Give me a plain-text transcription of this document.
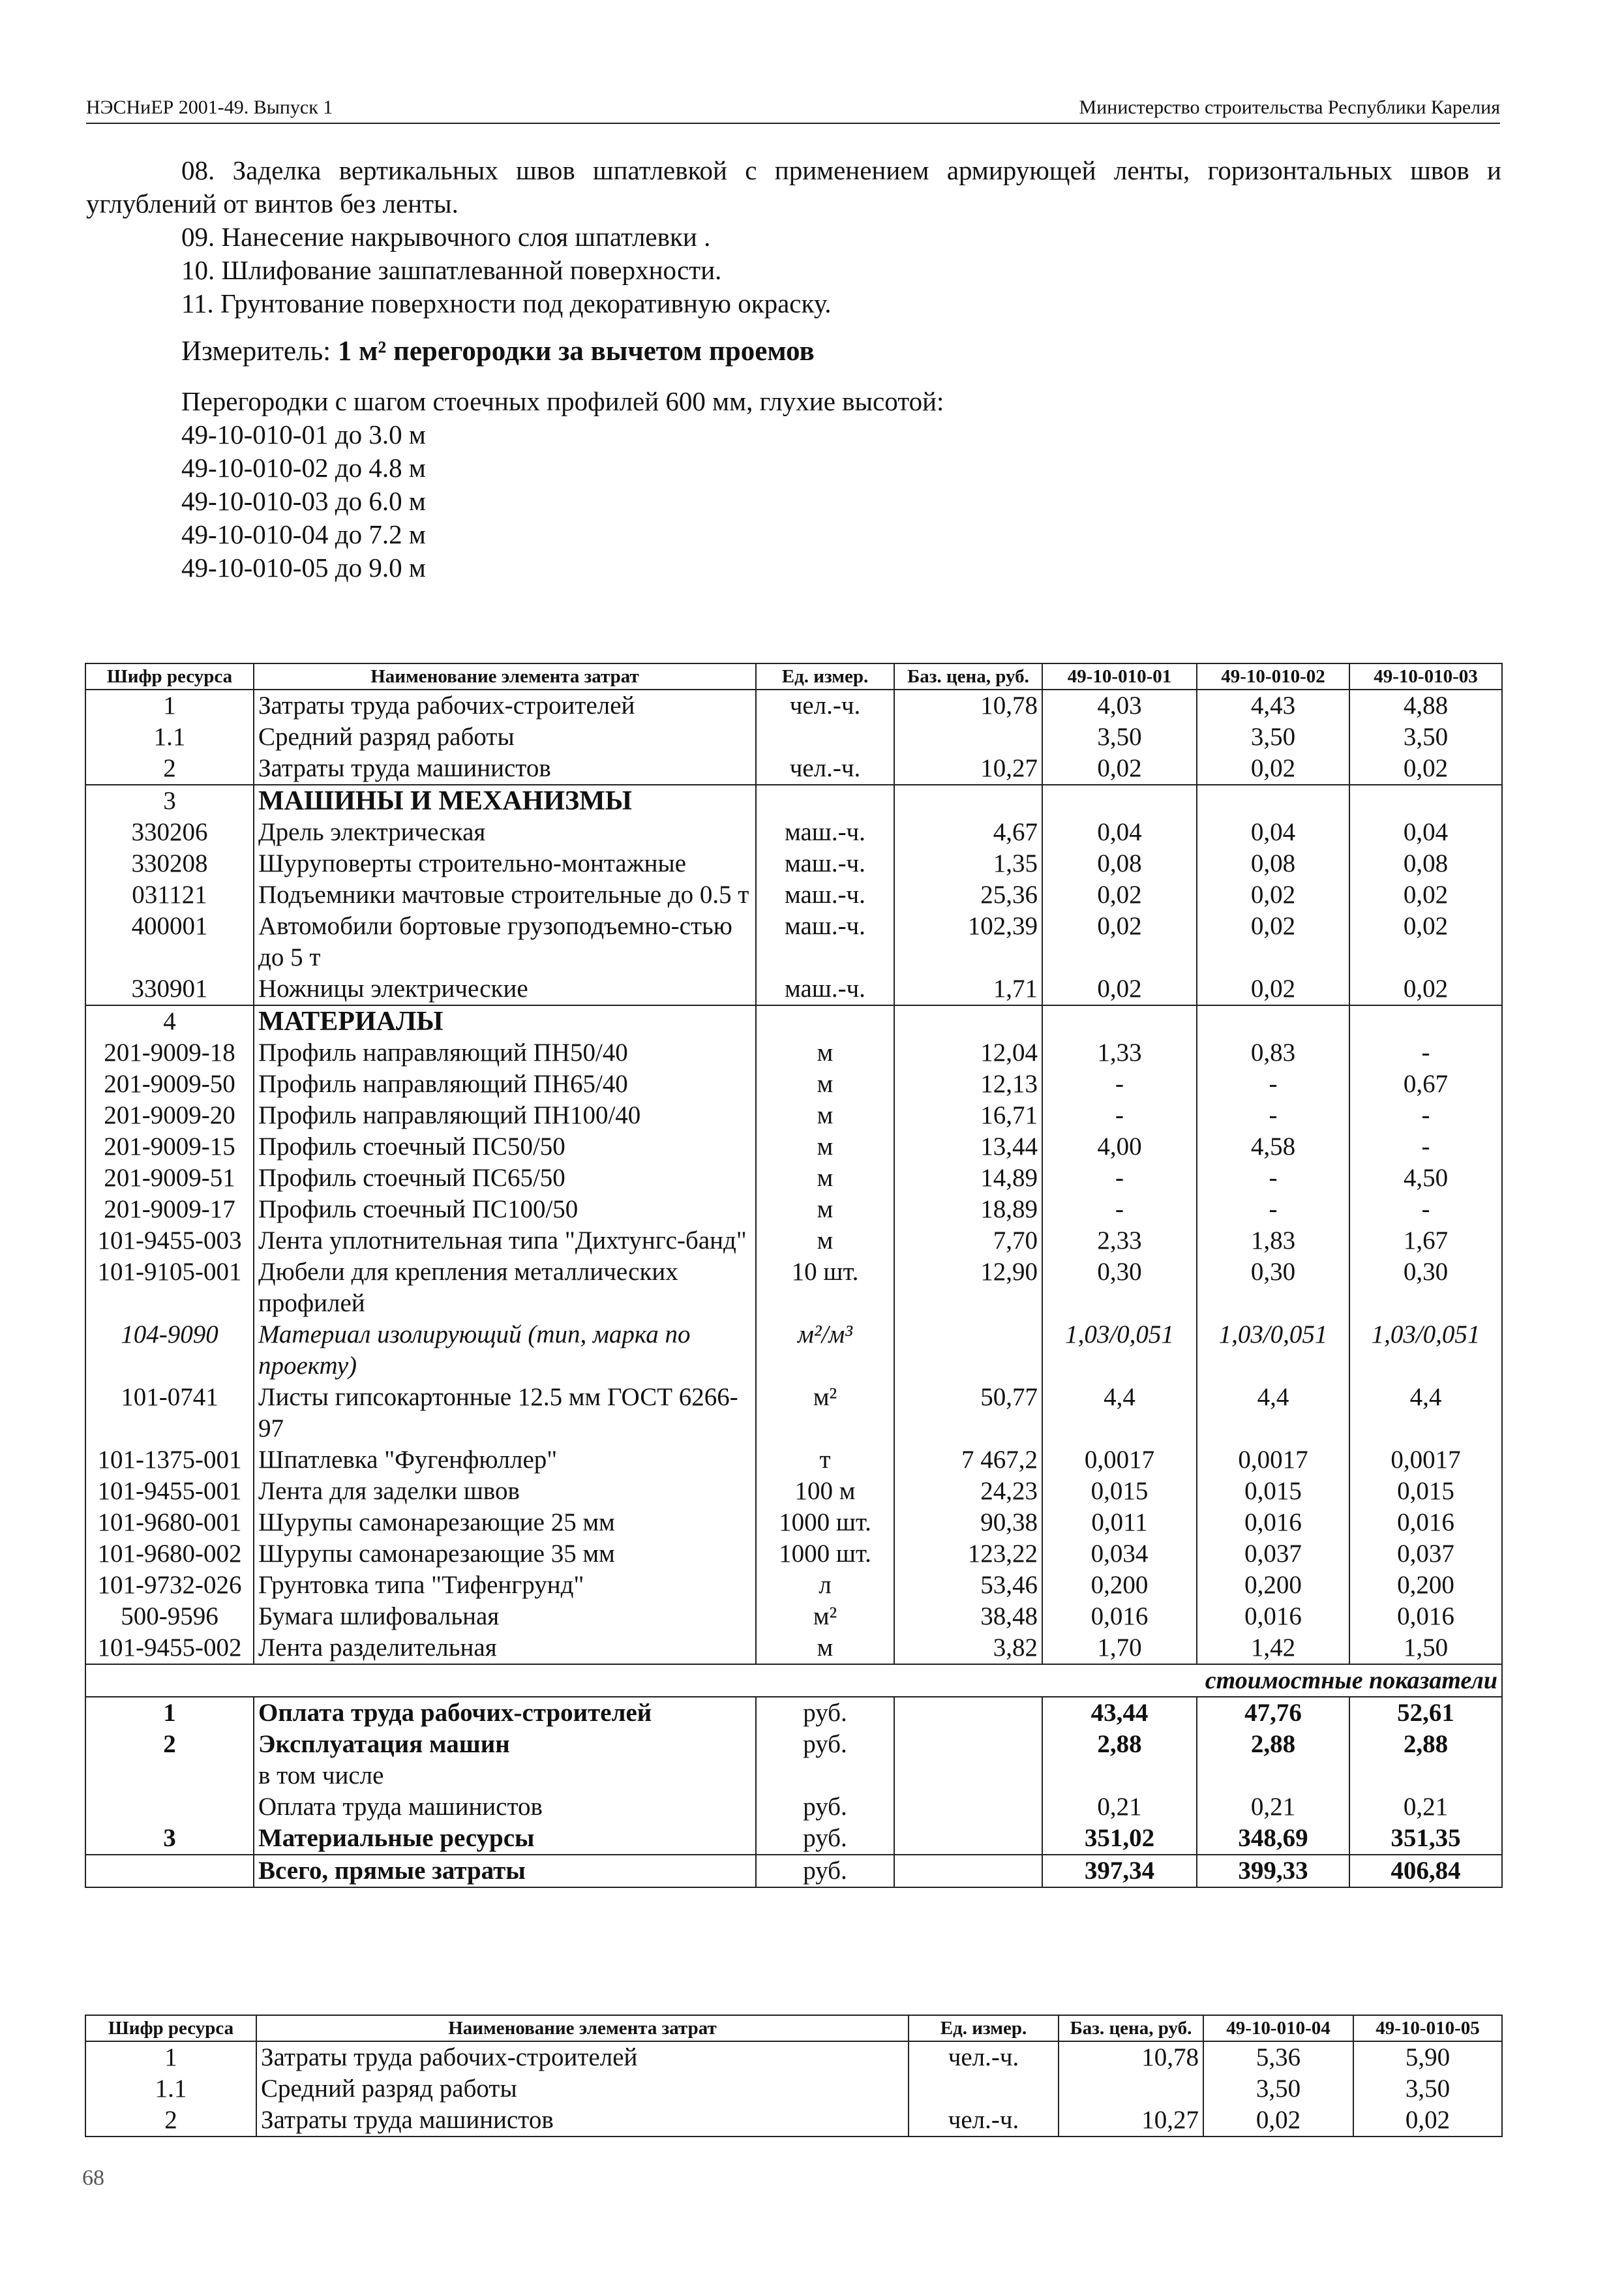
НЭСНиЕР 2001-49. Выпуск 1	Министерство строительства Республики Карелия

08. Заделка вертикальных швов шпатлевкой с применением армирующей ленты, горизонтальных швов и углублений от винтов без ленты.

09. Нанесение накрывочного слоя шпатлевки .

10. Шлифование зашпатлеванной поверхности.

11. Грунтование поверхности под декоративную окраску.

Измеритель: 1 м² перегородки за вычетом проемов

Перегородки с шагом стоечных профилей 600 мм, глухие высотой:

49-10-010-01 до 3.0 м

49-10-010-02 до 4.8 м

49-10-010-03 до 6.0 м

49-10-010-04 до 7.2 м

49-10-010-05 до 9.0 м

Шифр ресурса	Наименование элемента затрат	Ед. измер.	Баз. цена, руб.	49-10-010-01	49-10-010-02	49-10-010-03
1	Затраты труда рабочих-строителей	чел.-ч.	10,78	4,03	4,43	4,88
1.1	Средний разряд работы			3,50	3,50	3,50
2	Затраты труда машинистов	чел.-ч.	10,27	0,02	0,02	0,02
3	МАШИНЫ И МЕХАНИЗМЫ					
330206	Дрель электрическая	маш.-ч.	4,67	0,04	0,04	0,04
330208	Шуруповерты строительно-монтажные	маш.-ч.	1,35	0,08	0,08	0,08
031121	Подъемники мачтовые строительные до 0.5 т	маш.-ч.	25,36	0,02	0,02	0,02
400001	Автомобили бортовые грузоподъемно-стью до 5 т	маш.-ч.	102,39	0,02	0,02	0,02
330901	Ножницы электрические	маш.-ч.	1,71	0,02	0,02	0,02
4	МАТЕРИАЛЫ					
201-9009-18	Профиль направляющий ПН50/40	м	12,04	1,33	0,83	-
201-9009-50	Профиль направляющий ПН65/40	м	12,13	-	-	0,67
201-9009-20	Профиль направляющий ПН100/40	м	16,71	-	-	-
201-9009-15	Профиль стоечный ПС50/50	м	13,44	4,00	4,58	-
201-9009-51	Профиль стоечный ПС65/50	м	14,89	-	-	4,50
201-9009-17	Профиль стоечный ПС100/50	м	18,89	-	-	-
101-9455-003	Лента уплотнительная типа "Дихтунгс-банд"	м	7,70	2,33	1,83	1,67
101-9105-001	Дюбели для крепления металлических профилей	10 шт.	12,90	0,30	0,30	0,30
104-9090	Материал изолирующий (тип, марка по проекту)	м²/м³		1,03/0,051	1,03/0,051	1,03/0,051
101-0741	Листы гипсокартонные 12.5 мм ГОСТ 6266-97	м²	50,77	4,4	4,4	4,4
101-1375-001	Шпатлевка "Фугенфюллер"	т	7 467,2	0,0017	0,0017	0,0017
101-9455-001	Лента для заделки швов	100 м	24,23	0,015	0,015	0,015
101-9680-001	Шурупы самонарезающие 25 мм	1000 шт.	90,38	0,011	0,016	0,016
101-9680-002	Шурупы самонарезающие 35 мм	1000 шт.	123,22	0,034	0,037	0,037
101-9732-026	Грунтовка типа "Тифенгрунд"	л	53,46	0,200	0,200	0,200
500-9596	Бумага шлифовальная	м²	38,48	0,016	0,016	0,016
101-9455-002	Лента разделительная	м	3,82	1,70	1,42	1,50
стоимостные показатели						
1	Оплата труда рабочих-строителей	руб.		43,44	47,76	52,61
2	Эксплуатация машин	руб.		2,88	2,88	2,88
	в том числе					
	Оплата труда машинистов	руб.		0,21	0,21	0,21
3	Материальные ресурсы	руб.		351,02	348,69	351,35
	Всего, прямые затраты	руб.		397,34	399,33	406,84
Шифр ресурса	Наименование элемента затрат	Ед. измер.	Баз. цена, руб.	49-10-010-04	49-10-010-05
1	Затраты труда рабочих-строителей	чел.-ч.	10,78	5,36	5,90
1.1	Средний разряд работы			3,50	3,50
2	Затраты труда машинистов	чел.-ч.	10,27	0,02	0,02
68
